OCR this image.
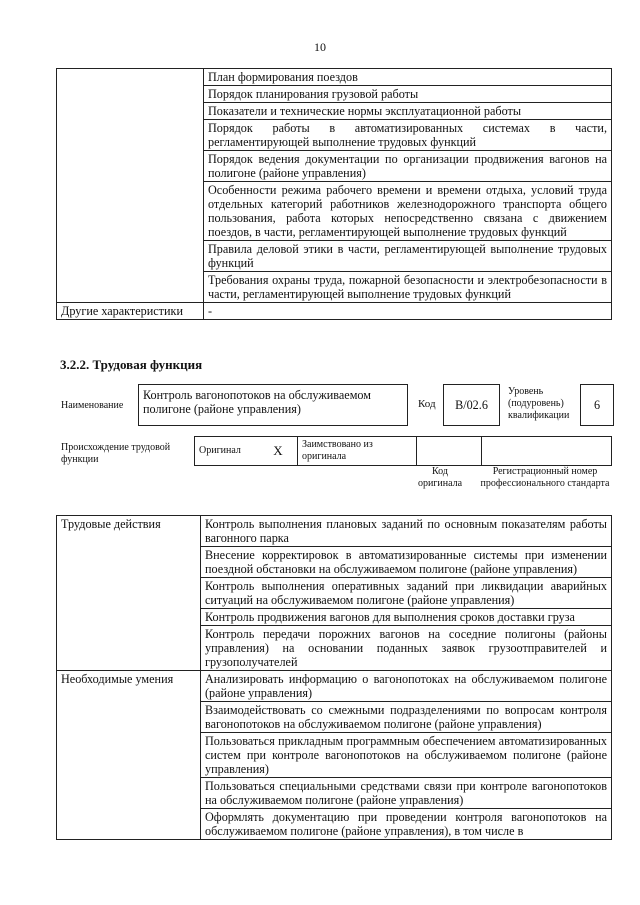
10
	План формирования поездов
	Порядок планирования грузовой работы
	Показатели и технические нормы эксплуатационной работы
	Порядок работы в автоматизированных системах в части, регламентирующей выполнение трудовых функций
	Порядок ведения документации по организации продвижения вагонов на полигоне (районе управления)
	Особенности режима рабочего времени и времени отдыха, условий труда отдельных категорий работников железнодорожного транспорта общего пользования, работа которых непосредственно связана с движением поездов, в части, регламентирующей выполнение трудовых функций
	Правила деловой этики в части, регламентирующей выполнение трудовых функций
	Требования охраны труда, пожарной безопасности и электробезопасности в части, регламентирующей выполнение трудовых функций
Другие характеристики	-
3.2.2. Трудовая функция
Наименование
Контроль вагонопотоков на обслуживаемом полигоне (районе управления)	Код	B/02.6
Уровень (подуровень) квалификации
6
Происхождение трудовой функции
Оригинал	X	Заимствовано из оригинала		
Код оригинала
Регистрационный номер профессионального стандарта
Трудовые действия	Контроль выполнения плановых заданий по основным показателям работы вагонного парка
	Внесение корректировок в автоматизированные системы при изменении поездной обстановки на обслуживаемом полигоне (районе управления)
	Контроль выполнения оперативных заданий при ликвидации аварийных ситуаций на обслуживаемом полигоне (районе управления)
	Контроль продвижения вагонов для выполнения сроков доставки груза
	Контроль передачи порожних вагонов на соседние полигоны (районы управления) на основании поданных заявок грузоотправителей и грузополучателей
Необходимые умения	Анализировать информацию о вагонопотоках на обслуживаемом полигоне (районе управления)
	Взаимодействовать со смежными подразделениями по вопросам контроля вагонопотоков на обслуживаемом полигоне (районе управления)
	Пользоваться прикладным программным обеспечением автоматизированных систем при контроле вагонопотоков на обслуживаемом полигоне (районе управления)
	Пользоваться специальными средствами связи при контроле вагонопотоков на обслуживаемом полигоне (районе управления)
	Оформлять документацию при проведении контроля вагонопотоков на обслуживаемом полигоне (районе управления), в том числе в
